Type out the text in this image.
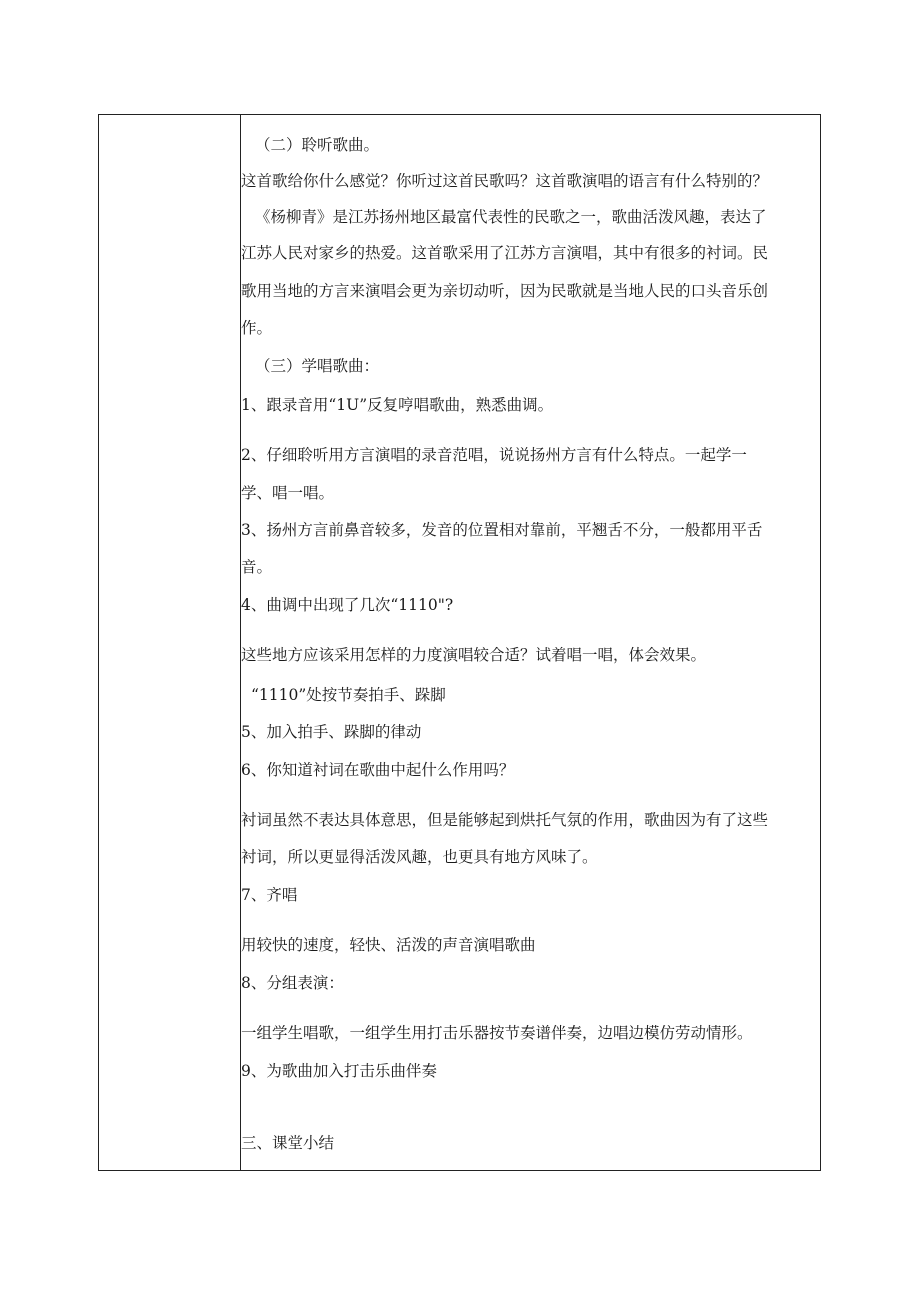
（二）聆听歌曲。
这首歌给你什么感觉？你听过这首民歌吗？这首歌演唱的语言有什么特别的？
《杨柳青》是江苏扬州地区最富代表性的民歌之一，歌曲活泼风趣，表达了
江苏人民对家乡的热爱。这首歌采用了江苏方言演唱，其中有很多的衬词。民
歌用当地的方言来演唱会更为亲切动听，因为民歌就是当地人民的口头音乐创
作。
（三）学唱歌曲：
1、跟录音用“1U”反复哼唱歌曲，熟悉曲调。
2、仔细聆听用方言演唱的录音范唱，说说扬州方言有什么特点。一起学一
学、唱一唱。
3、扬州方言前鼻音较多，发音的位置相对靠前，平翘舌不分，一般都用平舌
音。
4、曲调中出现了几次“1110"?
这些地方应该采用怎样的力度演唱较合适？试着唱一唱，体会效果。
“1110”处按节奏拍手、跺脚
5、加入拍手、跺脚的律动
6、你知道衬词在歌曲中起什么作用吗？
衬词虽然不表达具体意思，但是能够起到烘托气氛的作用，歌曲因为有了这些
衬词，所以更显得活泼风趣，也更具有地方风味了。
7、齐唱
用较快的速度，轻快、活泼的声音演唱歌曲
8、分组表演：
一组学生唱歌，一组学生用打击乐器按节奏谱伴奏，边唱边模仿劳动情形。
9、为歌曲加入打击乐曲伴奏
三、课堂小结
